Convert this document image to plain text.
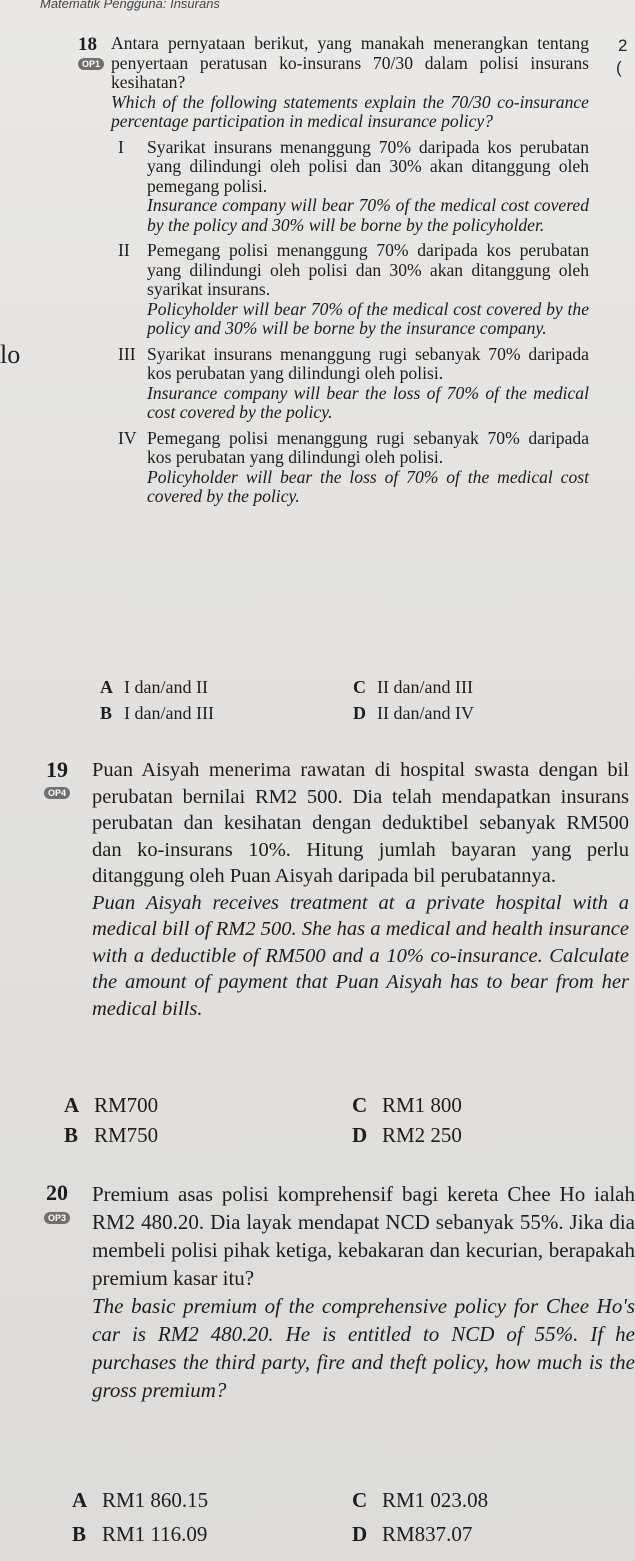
Matematik Pengguna: Insurans
2
(
lo
18
OP1

Antara pernyataan berikut, yang manakah menerangkan tentang penyertaan peratusan ko-insurans 70/30 dalam polisi insurans kesihatan?

Which of the following statements explain the 70/30 co-insurance percentage participation in medical insurance policy?

I Syarikat insurans menanggung 70% daripada kos perubatan yang dilindungi oleh polisi dan 30% akan ditanggung oleh pemegang polisi.

Insurance company will bear 70% of the medical cost covered by the policy and 30% will be borne by the policyholder.

II Pemegang polisi menanggung 70% daripada kos perubatan yang dilindungi oleh polisi dan 30% akan ditanggung oleh syarikat insurans.

Policyholder will bear 70% of the medical cost covered by the policy and 30% will be borne by the insurance company.

III Syarikat insurans menanggung rugi sebanyak 70% daripada kos perubatan yang dilindungi oleh polisi.

Insurance company will bear the loss of 70% of the medical cost covered by the policy.

IV Pemegang polisi menanggung rugi sebanyak 70% daripada kos perubatan yang dilindungi oleh polisi.

Policyholder will bear the loss of 70% of the medical cost covered by the policy.

A I dan/and II	C II dan/and III
B I dan/and III	D II dan/and IV
19
OP4

Puan Aisyah menerima rawatan di hospital swasta dengan bil perubatan bernilai RM2 500. Dia telah mendapatkan insurans perubatan dan kesihatan dengan deduktibel sebanyak RM500 dan ko-insurans 10%. Hitung jumlah bayaran yang perlu ditanggung oleh Puan Aisyah daripada bil perubatannya.

Puan Aisyah receives treatment at a private hospital with a medical bill of RM2 500. She has a medical and health insurance with a deductible of RM500 and a 10% co-insurance. Calculate the amount of payment that Puan Aisyah has to bear from her medical bills.

A RM700	C RM1 800
B RM750	D RM2 250
20
OP3

Premium asas polisi komprehensif bagi kereta Chee Ho ialah RM2 480.20. Dia layak mendapat NCD sebanyak 55%. Jika dia membeli polisi pihak ketiga, kebakaran dan kecurian, berapakah premium kasar itu?

The basic premium of the comprehensive policy for Chee Ho's car is RM2 480.20. He is entitled to NCD of 55%. If he purchases the third party, fire and theft policy, how much is the gross premium?

A RM1 860.15	C RM1 023.08
B RM1 116.09	D RM837.07
